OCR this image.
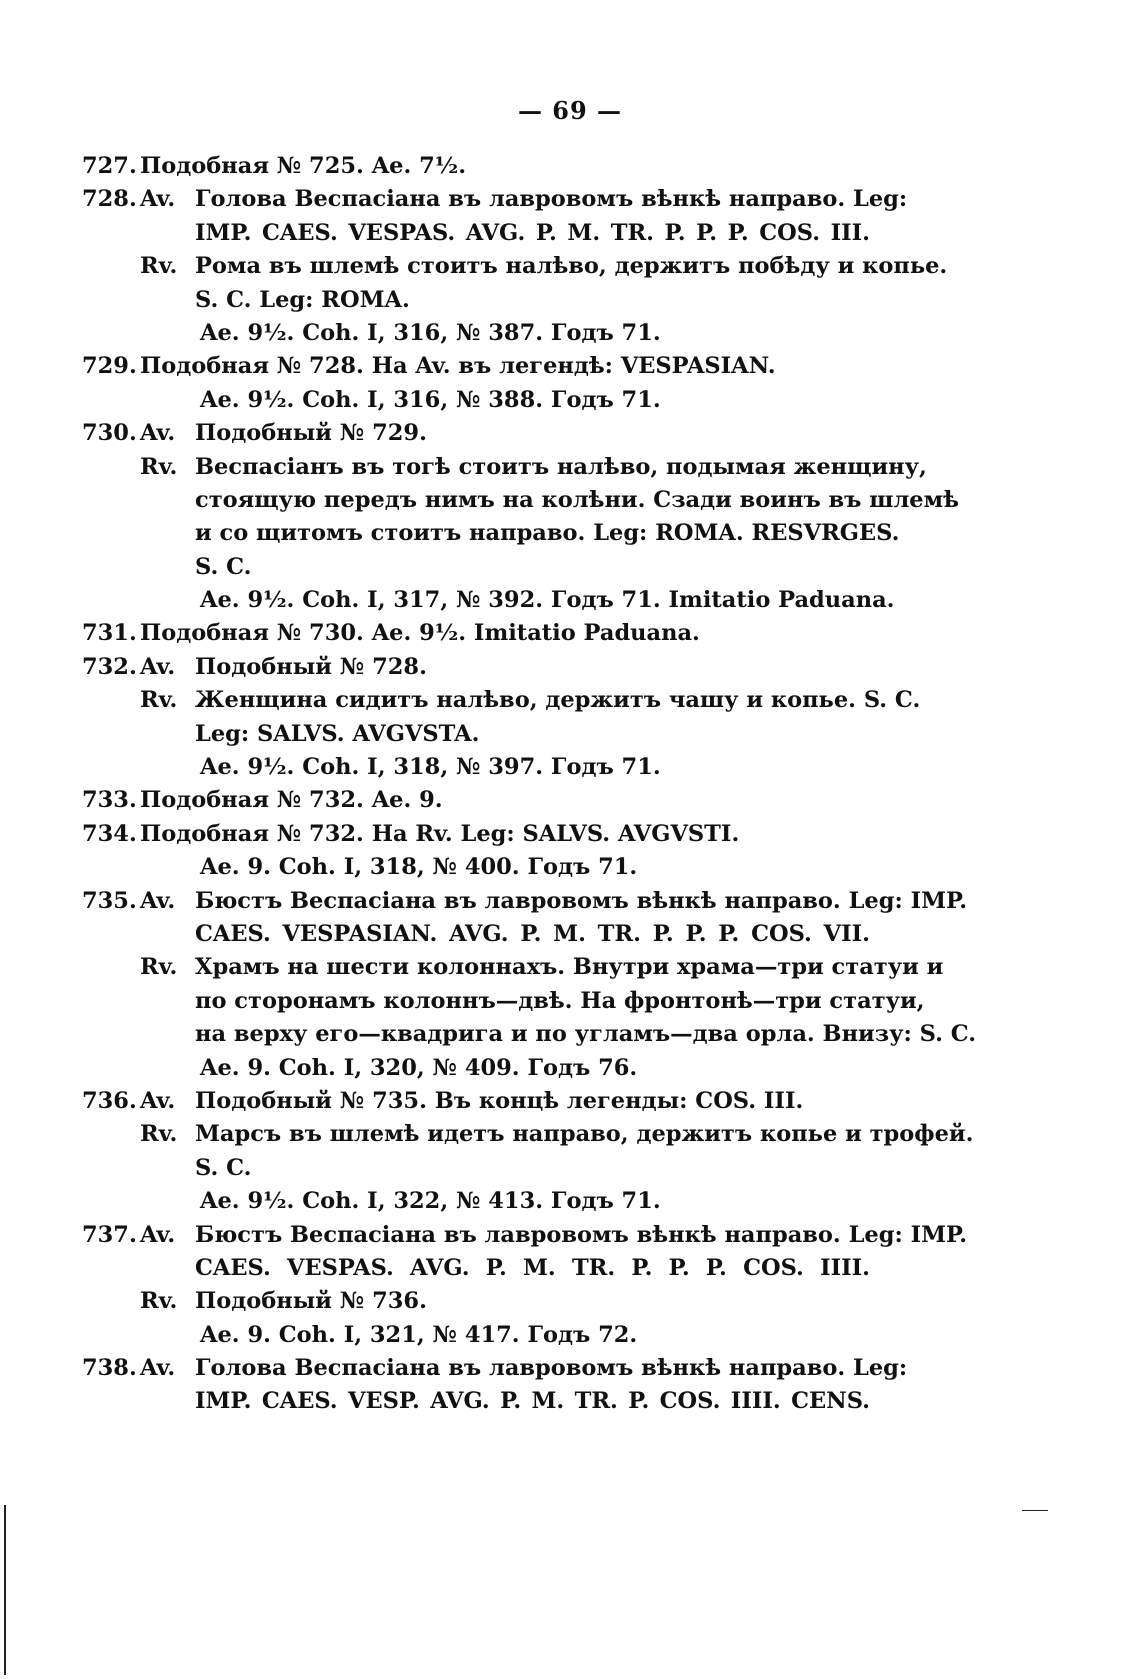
— 69 —
727. Подобная № 725. Ae. 7½.
728. Av. Голова Веспасіана въ лавровомъ вѣнкѣ направо. Leg:
IMP. CAES. VESPAS. AVG. P. M. TR. P. P. P. COS. III.
Rv. Рома въ шлемѣ стоитъ налѣво, держитъ побѣду и копье.
S. C. Leg: ROMA.
Ae. 9½. Coh. I, 316, № 387. Годъ 71.
729. Подобная № 728. На Av. въ легендѣ: VESPASIAN.
Ae. 9½. Coh. I, 316, № 388. Годъ 71.
730. Av. Подобный № 729.
Rv. Веспасіанъ въ тогѣ стоитъ налѣво, подымая женщину,
стоящую передъ нимъ на колѣни. Сзади воинъ въ шлемѣ
и со щитомъ стоитъ направо. Leg: ROMA. RESVRGES.
S. C.
Ae. 9½. Coh. I, 317, № 392. Годъ 71. Imitatio Paduana.
731. Подобная № 730. Ae. 9½. Imitatio Paduana.
732. Av. Подобный № 728.
Rv. Женщина сидитъ налѣво, держитъ чашу и копье. S. C.
Leg: SALVS. AVGVSTA.
Ae. 9½. Coh. I, 318, № 397. Годъ 71.
733. Подобная № 732. Ae. 9.
734. Подобная № 732. На Rv. Leg: SALVS. AVGVSTI.
Ae. 9. Coh. I, 318, № 400. Годъ 71.
735. Av. Бюстъ Веспасіана въ лавровомъ вѣнкѣ направо. Leg: IMP.
CAES. VESPASIAN. AVG. P. M. TR. P. P. P. COS. VII.
Rv. Храмъ на шести колоннахъ. Внутри храма—три статуи и
по сторонамъ колоннъ—двѣ. На фронтонѣ—три статуи,
на верху его—квадрига и по угламъ—два орла. Внизу: S. C.
Ae. 9. Coh. I, 320, № 409. Годъ 76.
736. Av. Подобный № 735. Въ концѣ легенды: COS. III.
Rv. Марсъ въ шлемѣ идетъ направо, держитъ копье и трофей.
S. C.
Ae. 9½. Coh. I, 322, № 413. Годъ 71.
737. Av. Бюстъ Веспасіана въ лавровомъ вѣнкѣ направо. Leg: IMP.
CAES. VESPAS. AVG. P. M. TR. P. P. P. COS. IIII.
Rv. Подобный № 736.
Ae. 9. Coh. I, 321, № 417. Годъ 72.
738. Av. Голова Веспасіана въ лавровомъ вѣнкѣ направо. Leg:
IMP. CAES. VESP. AVG. P. M. TR. P. COS. IIII. CENS.
